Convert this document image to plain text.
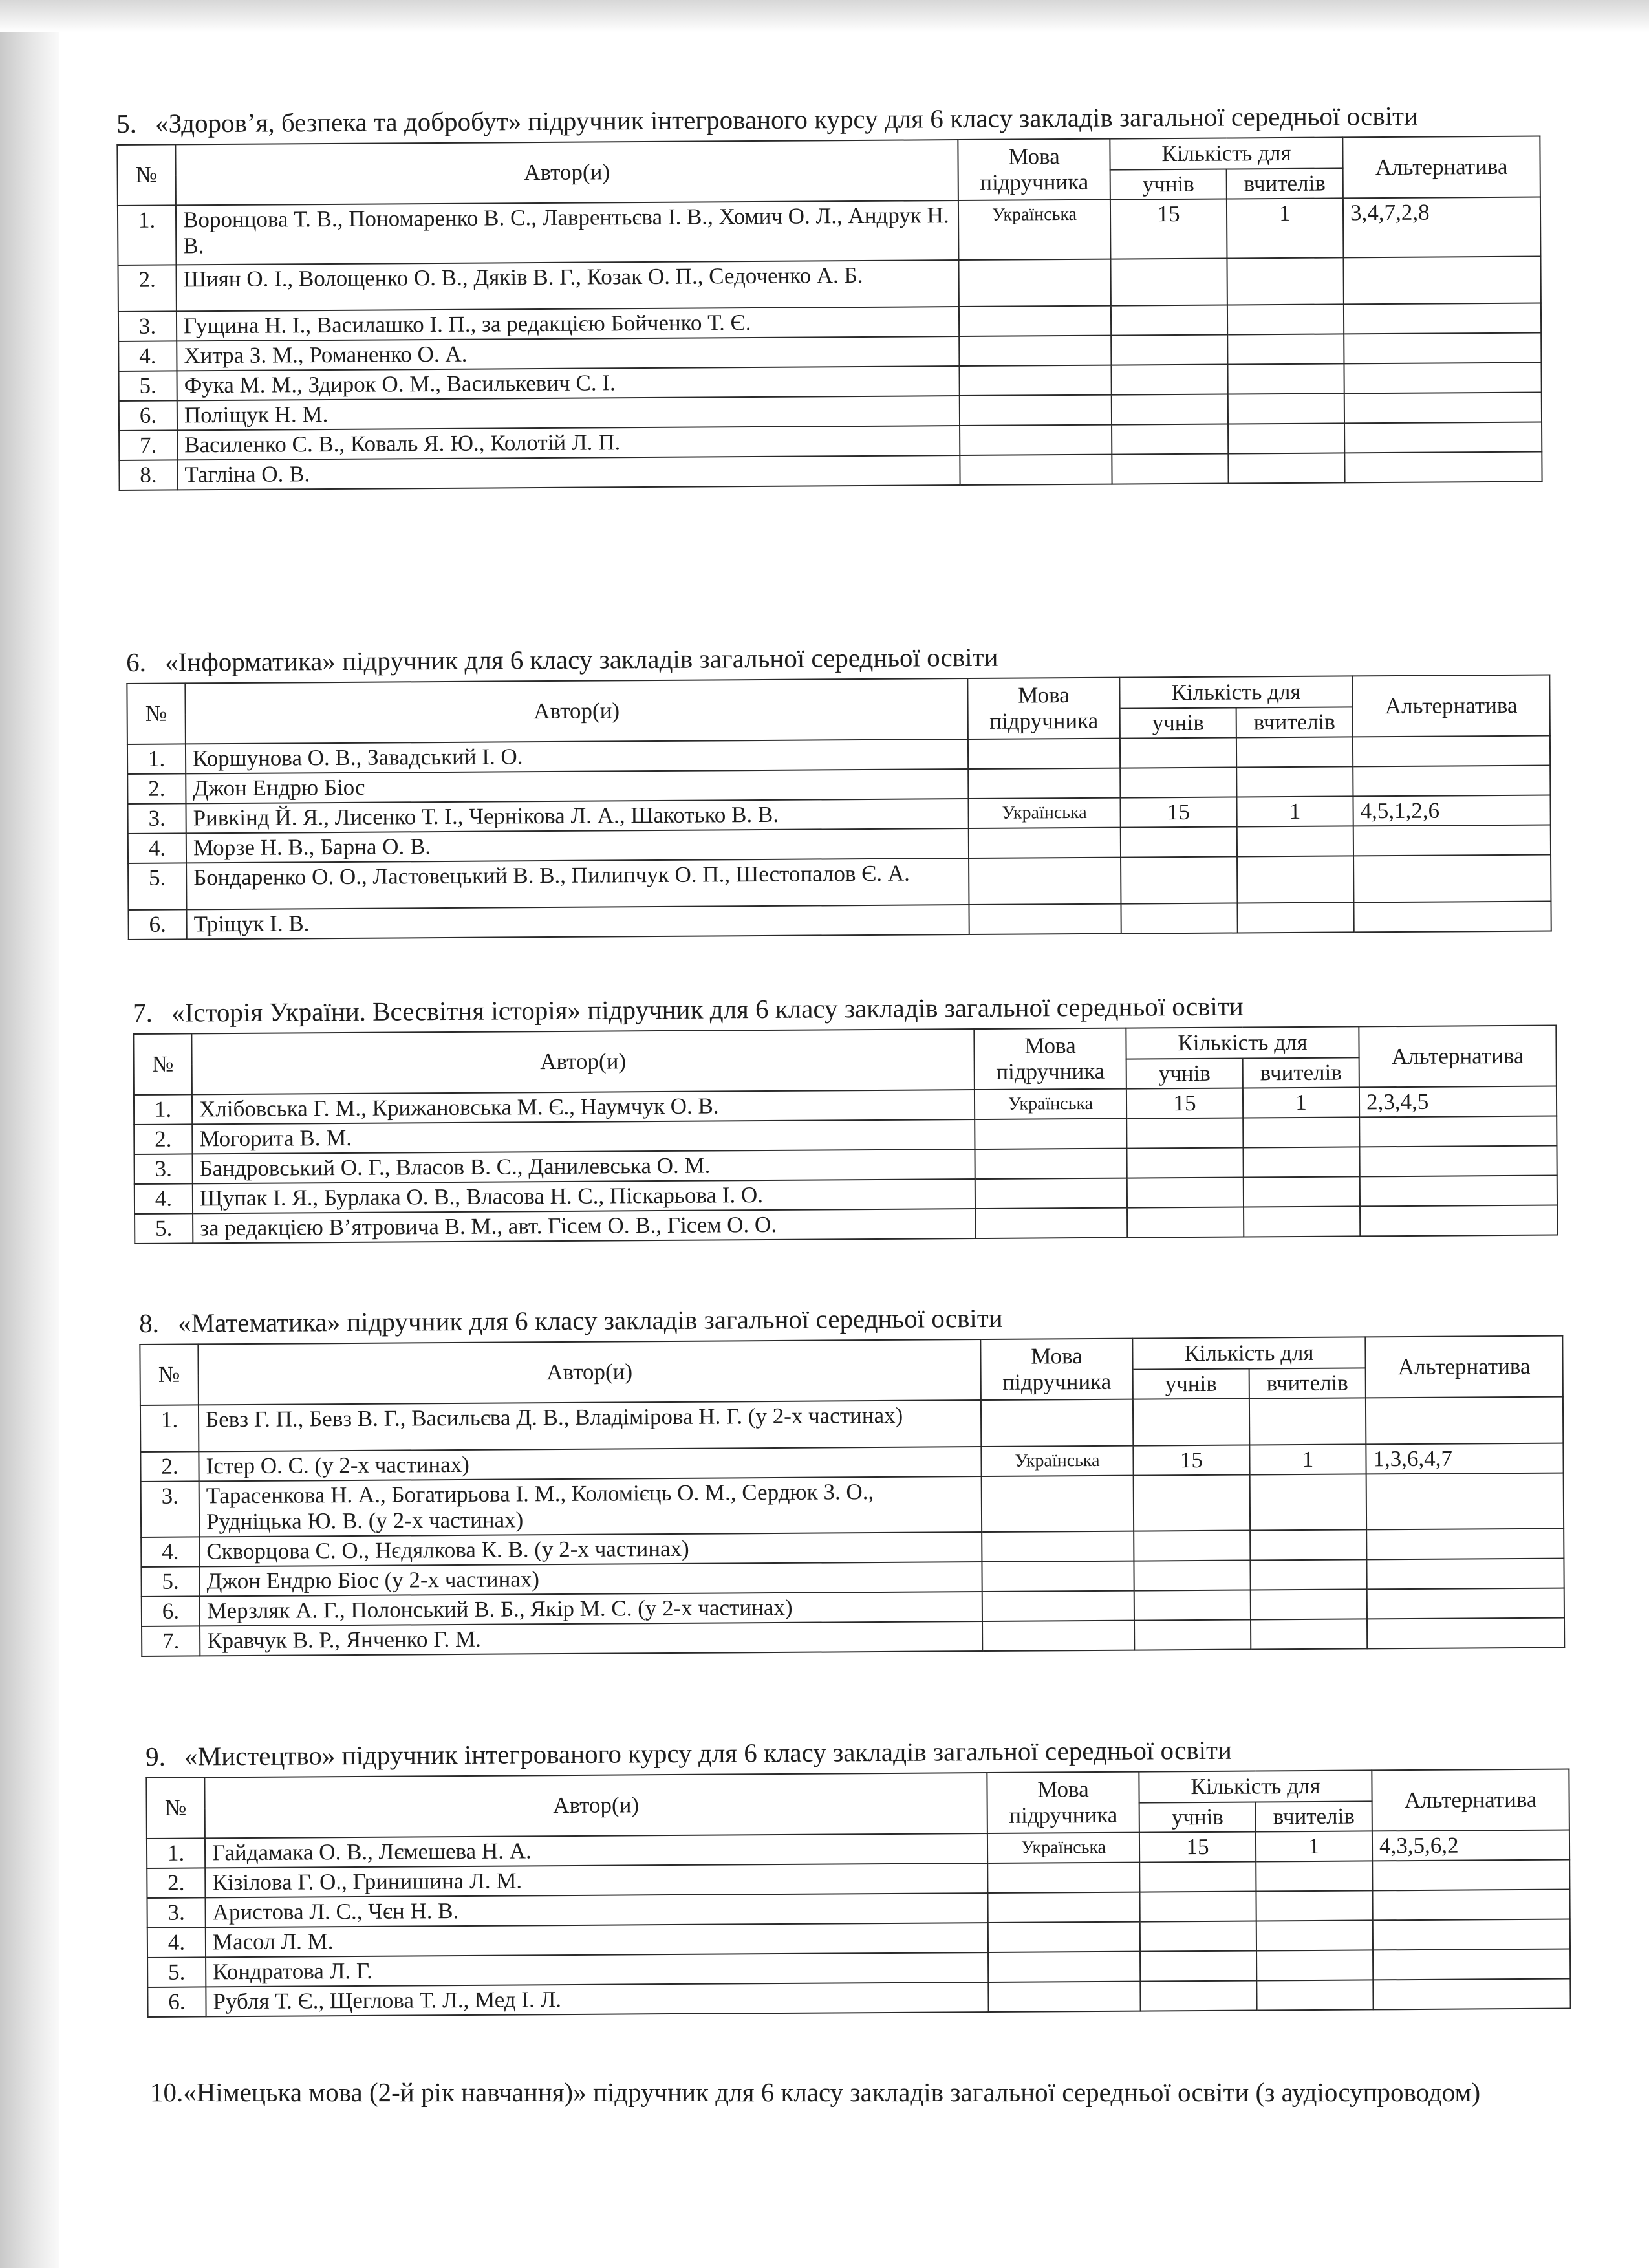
5. «Здоров’я, безпека та добробут» підручник інтегрованого курсу для 6 класу закладів загальної середньої освіти
№	Автор(и)	Мова підручника	Кількість для		Альтернатива
			учнів	вчителів	
1.	Воронцова Т. В., Пономаренко В. С., Лаврентьєва І. В., Хомич О. Л., Андрук Н. В.	Українська	15	1	3,4,7,2,8
2.	Шиян О. І., Волощенко О. В., Дяків В. Г., Козак О. П., Седоченко А. Б.				
3.	Гущина Н. І., Василашко І. П., за редакцією Бойченко Т. Є.				
4.	Хитра З. М., Романенко О. А.				
5.	Фука М. М., Здирок О. М., Василькевич С. І.				
6.	Поліщук Н. М.				
7.	Василенко С. В., Коваль Я. Ю., Колотій Л. П.				
8.	Тагліна О. В.				
6. «Інформатика» підручник для 6 класу закладів загальної середньої освіти
№	Автор(и)	Мова підручника	Кількість для		Альтернатива
			учнів	вчителів	
1.	Коршунова О. В., Завадський І. О.				
2.	Джон Ендрю Біос				
3.	Ривкінд Й. Я., Лисенко Т. І., Чернікова Л. А., Шакотько В. В.	Українська	15	1	4,5,1,2,6
4.	Морзе Н. В., Барна О. В.				
5.	Бондаренко О. О., Ластовецький В. В., Пилипчук О. П., Шестопалов Є. А.				
6.	Тріщук І. В.				
7. «Історія України. Всесвітня історія» підручник для 6 класу закладів загальної середньої освіти
№	Автор(и)	Мова підручника	Кількість для		Альтернатива
			учнів	вчителів	
1.	Хлібовська Г. М., Крижановська М. Є., Наумчук О. В.	Українська	15	1	2,3,4,5
2.	Могорита В. М.				
3.	Бандровський О. Г., Власов В. С., Данилевська О. М.				
4.	Щупак І. Я., Бурлака О. В., Власова Н. С., Піскарьова І. О.				
5.	за редакцією В’ятровича В. М., авт. Гісем О. В., Гісем О. О.				
8. «Математика» підручник для 6 класу закладів загальної середньої освіти
№	Автор(и)	Мова підручника	Кількість для		Альтернатива
			учнів	вчителів	
1.	Бевз Г. П., Бевз В. Г., Васильєва Д. В., Владімірова Н. Г. (у 2-х частинах)				
2.	Істер О. С. (у 2-х частинах)	Українська	15	1	1,3,6,4,7
3.	Тарасенкова Н. А., Богатирьова І. М., Коломієць О. М., Сердюк З. О., Рудніцька Ю. В. (у 2-х частинах)				
4.	Скворцова С. О., Нєдялкова К. В. (у 2-х частинах)				
5.	Джон Ендрю Біос (у 2-х частинах)				
6.	Мерзляк А. Г., Полонський В. Б., Якір М. С. (у 2-х частинах)				
7.	Кравчук В. Р., Янченко Г. М.				
9. «Мистецтво» підручник інтегрованого курсу для 6 класу закладів загальної середньої освіти
№	Автор(и)	Мова підручника	Кількість для		Альтернатива
			учнів	вчителів	
1.	Гайдамака О. В., Лємешева Н. А.	Українська	15	1	4,3,5,6,2
2.	Кізілова Г. О., Гринишина Л. М.				
3.	Аристова Л. С., Чєн Н. В.				
4.	Масол Л. М.				
5.	Кондратова Л. Г.				
6.	Рубля Т. Є., Щеглова Т. Л., Мед І. Л.				
10.«Німецька мова (2-й рік навчання)» підручник для 6 класу закладів загальної середньої освіти (з аудіосупроводом)
